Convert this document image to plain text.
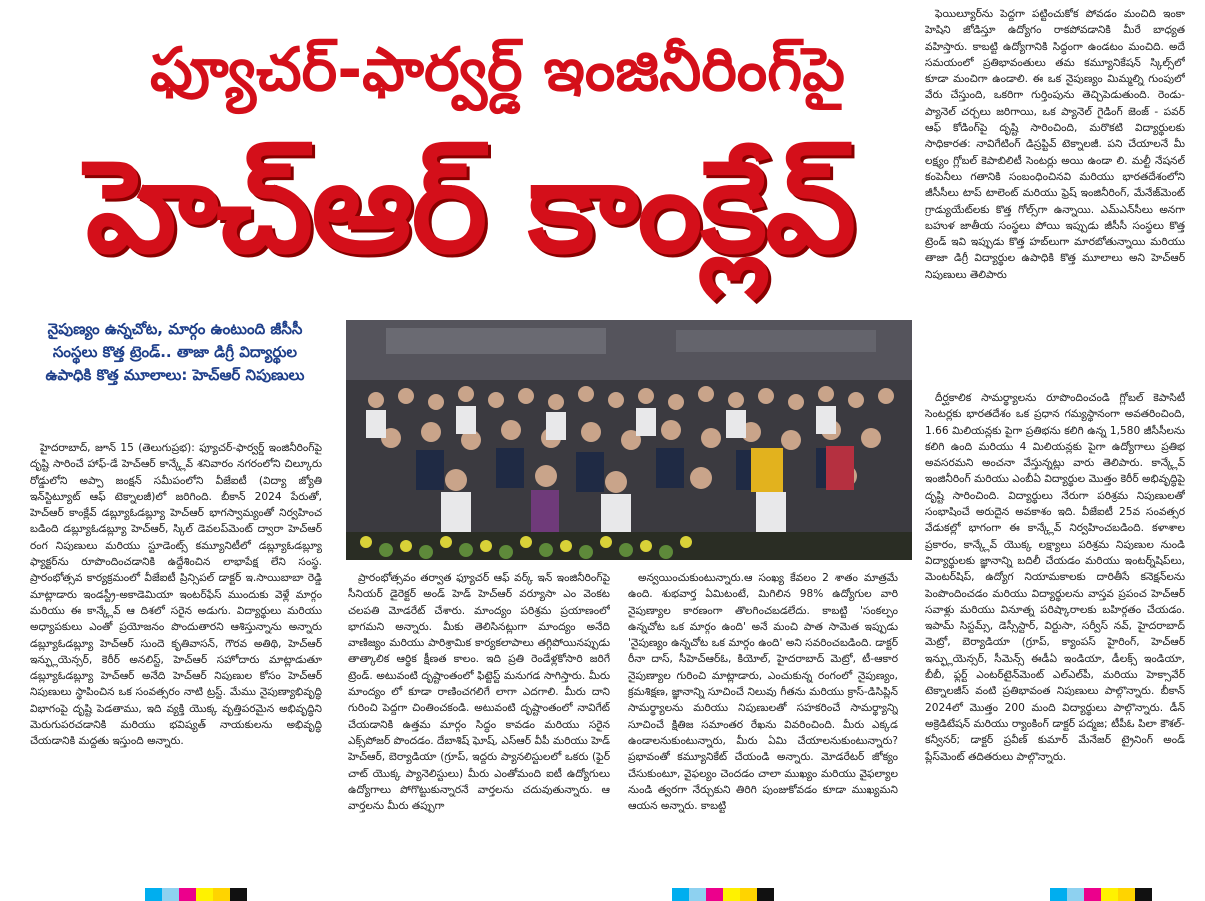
ఫ్యూచర్-ఫార్వర్డ్ ఇంజినీరింగ్‌పై
హెచ్‌ఆర్ కాంక్లేవ్
నైపుణ్యం ఉన్నచోట, మార్గం ఉంటుంది జీసీసీ సంస్థలు కొత్త ట్రెండ్.. తాజా డిగ్రీ విద్యార్థుల ఉపాధికి కొత్త మూలాలు: హెచ్‌ఆర్ నిపుణులు

హైదరాబాద్, జూన్ 15 (తెలుగుప్రభ): ఫ్యూచర్-ఫార్వర్డ్ ఇంజినీరింగ్‌పై దృష్టి సారించే హాఫ్-డే హెచ్‌ఆర్ కాన్క్లేవ్ శనివారం నగరంలోని చిల్కూరు రోడ్డులోని అప్పా జంక్షన్ సమీపంలోని వీజేఐటీ (విద్యా జ్యోతి ఇన్‌స్టిట్యూట్ ఆఫ్ టెక్నాలజీ)లో జరిగింది. బీకాన్ 2024 పేరుతో, హెచ్‌ఆర్ కాంక్లేవ్ డబ్ల్యూఓడబ్ల్యూ హెచ్‌ఆర్ భాగస్వామ్యంతో నిర్వహించ బడింది డబ్ల్యూఓడబ్ల్యూ హెచ్‌ఆర్, స్కిల్ డెవలప్‌మెంట్ ద్వారా హెచ్‌ఆర్ రంగ నిపుణులు మరియు స్టూడెంట్స్ కమ్యూనిటీలో డబ్ల్యూఓడబ్ల్యూ ఫ్యాక్టర్‌ను రూపొందించడానికి ఉద్దేశించిన లాభాపేక్ష లేని సంస్థ. ప్రారంభోత్సవ కార్యక్రమంలో వీజేఐటీ ప్రిన్సిపల్ డాక్టర్ ఇ.సాయిబాబా రెడ్డి మాట్లాడారు ఇండస్ట్రీ-అకాడెమియా ఇంటర్‌ఫేస్ ముందుకు వెళ్లే మార్గం మరియు ఈ కాన్క్లేవ్ ఆ దిశలో సరైన అడుగు. విద్యార్థులు మరియు అధ్యాపకులు ఎంతో ప్రయోజనం పొందుతారని ఆశిస్తున్నాను అన్నారు డబ్ల్యూఓడబ్ల్యూ హెచ్‌ఆర్ సుందె కృతివాసన్, గౌరవ అతిథి, హెచ్‌ఆర్ ఇన్ఫ్లుయెన్సర్, కెరీర్ అనలిస్ట్, హెచ్‌ఆర్ సహోదారు మాట్లాడుతూ డబ్ల్యూఓడబ్ల్యూ హెచ్‌ఆర్ అనేది హెచ్‌ఆర్ నిపుణుల కోసం హెచ్‌ఆర్ నిపుణులు స్థాపించిన ఒక సంవత్సరం నాటి ట్రస్ట్. మేము నైపుణ్యాభివృద్ధి విభాగంపై దృష్టి పెడతాము, ఇది వ్యక్తి యొక్క వృత్తిపరమైన అభివృద్ధిని మెరుగుపరచడానికి మరియు భవిష్యత్ నాయకులను అభివృద్ధి చేయడానికి మద్దతు ఇస్తుంది అన్నారు.

ప్రారంభోత్సవం తర్వాత ఫ్యూచర్ ఆఫ్ వర్క్ ఇన్ ఇంజినీరింగ్‌పై సీనియర్ డైరెక్టర్ అండ్ హెడ్ హెచ్‌ఆర్ వర్యూసా ఎం వెంకట చలపతి మోడరేట్ చేశారు. మాంద్యం పరిశ్రమ ప్రయాణంలో భాగమని అన్నారు. మీకు తెలిసినట్లుగా మాంద్యం అనేది వాణిజ్యం మరియు పారిశ్రామిక కార్యకలాపాలు తగ్గిపోయినప్పుడు తాత్కాలిక ఆర్థిక క్షీణత కాలం. ఇది ప్రతి రెండేళ్లకోసారి జరిగే ట్రెండ్. అటువంటి దృష్టాంతంలో ఫిట్టెస్ట్ మనుగడ సాగిస్తారు. మీరు మాంద్యం లో కూడా రాణించగలిగే లాగా ఎదగాలి. మీరు దాని గురించి పెద్దగా చింతించకండి. అటువంటి దృష్టాంతంలో నావిగేట్ చేయడానికి ఉత్తమ మార్గం సిద్ధం కావడం మరియు సరైన ఎక్స్‌పోజర్ పొందడం. దేబాశిష్ ఘోష్, ఎస్ఆర్ వీపీ మరియు హెడ్ హెచ్‌ఆర్, బెర్యాడియా (గ్రూప్, ఇద్దరు ప్యానలిస్టులలో ఒకరు (ఫైర్ చాట్ యొక్క ప్యానెలిస్టులు) మీరు ఎంతోమంది ఐటీ ఉద్యోగులు ఉద్యోగాలు పోగొట్టుకున్నారనే వార్తలను చదువుతున్నారు. ఆ వార్తలను మీరు తప్పుగా

అన్వయించుకుంటున్నారు.ఆ సంఖ్య కేవలం 2 శాతం మాత్రమే ఉంది. శుభవార్త ఏమిటంటే, మిగిలిన 98% ఉద్యోగుల వారి నైపుణ్యాల కారణంగా తొలగించబడలేదు. కాబట్టి 'సంకల్పం ఉన్నచోట ఒక మార్గం ఉంది' అనే మంచి పాత సామెత ఇప్పుడు 'నైపుణ్యం ఉన్నచోట ఒక మార్గం ఉంది' అని సవరించబడింది. డాక్టర్ రీనా దాస్, సీహెచ్‌ఆర్ఓ, కియోల్, హైదరాబాద్ మెట్రో, టీ-ఆకార నైపుణ్యాల గురించి మాట్లాడారు, ఎంచుకున్న రంగంలో నైపుణ్యం, క్రమశిక్షణ, జ్ఞానాన్ని సూచించే నిలువు గీతను మరియు క్రాస్-డిసిప్లిన్ సామర్థ్యాలను మరియు నిపుణులతో సహకరించే సామర్థ్యాన్ని సూచించే క్షితిజ సమాంతర రేఖను వివరించింది. మీరు ఎక్కడ ఉండాలనుకుంటున్నారు, మీరు ఏమి చేయాలనుకుంటున్నారు? ప్రభావంతో కమ్యూనికేట్ చేయండి అన్నారు. మోడరేటర్ జోక్యం చేసుకుంటూ, వైఫల్యం చెందడం చాలా ముఖ్యం మరియు వైఫల్యాల నుండి త్వరగా నేర్చుకుని తిరిగి పుంజుకోవడం కూడా ముఖ్యమని ఆయన అన్నారు. కాబట్టి

ఫెయిల్యూర్‌ను పెద్దగా పట్టించుకోక పోవడం మంచిది ఇంకా హెషిని జోడిస్తూ ఉద్యోగం రాకపోవడానికి మీరే బాధ్యత వహిస్తారు. కాబట్టి ఉద్యోగానికి సిద్ధంగా ఉండటం మంచిది. అదే సమయంలో ప్రతిభావంతులు తమ కమ్యూనికేషన్ స్కిల్స్‌లో కూడా మంచిగా ఉండాలి. ఈ ఒక నైపుణ్యం మిమ్మల్ని గుంపులో వేరు చేస్తుంది, ఒకరిగా గుర్తింపును తెచ్చిపెడుతుంది. రెండు-ప్యానెల్ చర్చలు జరిగాయి, ఒక ప్యానెల్ గైడింగ్ జెంజ్ - పవర్ ఆఫ్ కోడింగ్‌పై దృష్టి సారించింది, మరొకటి విద్యార్థులకు సాధికారత: నావిగేటింగ్ డిస్రప్టివ్ టెక్నాలజీ. పని చేయాలనే మీ లక్ష్యం గ్లోబల్ కెపాబిలిటీ సెంటర్లు అయి ఉండా లి. మల్టీ నేషనల్ కంపెనీలు గతానికి సంబంధించినవి మరియు భారతదేశంలోని జీసీసీలు టాప్ టాలెంట్ మరియు ఫ్రెష్ ఇంజినీరింగ్, మేనేజ్‌మెంట్ గ్రాడ్యుయేట్‌లకు కొత్త గోల్స్‌గా ఉన్నాయి. ఎమ్ఎన్‌సీలు అనగా బహుళ జాతీయ సంస్థలు పోయి ఇప్పుడు జీసీసీ సంస్థలు కొత్త ట్రెండ్ ఇవి ఇప్పుడు కొత్త హబ్‌లుగా మారబోతున్నాయి మరియు తాజా డిగ్రీ విద్యార్థుల ఉపాధికి కొత్త మూలాలు అని హెచ్‌ఆర్ నిపుణులు తెలిపారు

దీర్ఘకాలిక సామర్థ్యాలను రూపొందించండి గ్లోబల్ కెపాసిటీ సెంటర్లకు భారతదేశం ఒక ప్రధాన గమ్యస్థానంగా అవతరించింది, 1.66 మిలియన్లకు పైగా ప్రతిభను కలిగి ఉన్న 1,580 జీసీసీలను కలిగి ఉంది మరియు 4 మిలియన్లకు పైగా ఉద్యోగాలు ప్రతిభ అవసరమని అంచనా వేస్తున్నట్లు వారు తెలిపారు. కాన్క్లేవ్ ఇంజినీరింగ్ మరియు ఎంబీఏ విద్యార్థుల మొత్తం కెరీర్ అభివృద్ధిపై దృష్టి సారించింది. విద్యార్థులు నేరుగా పరిశ్రమ నిపుణులతో సంభాషించే అరుదైన అవకాశం ఇది. వీజేఐటీ 25వ సంవత్సర వేడుకల్లో భాగంగా ఈ కాన్క్లేవ్ నిర్వహించబడింది. కళాశాల ప్రకారం, కాన్క్లేవ్ యొక్క లక్ష్యాలు పరిశ్రమ నిపుణుల నుండి విద్యార్థులకు జ్ఞానాన్ని బదిలీ చేయడం మరియు ఇంటర్న్‌షిప్‌లు, మెంటర్‌షిప్, ఉద్యోగ నియామకాలకు దారితీసే కనెక్షన్‌లను పెంపొందించడం మరియు విద్యార్థులను వాస్తవ ప్రపంచ హెచ్‌ఆర్ సవాళ్లు మరియు వినూత్న పరిష్కారాలకు బహిర్గతం చేయడం. ఇపామ్ సిస్టమ్స్, డెస్సీస్టార్, విర్టుసా, సర్వీస్ నవ్, హైదరాబాద్ మెట్రో, బెర్యాడియా (గ్రూప్, క్యాంపస్ హైరింగ్, హెచ్‌ఆర్ ఇన్ఫ్లుయెన్సర్, సీమెన్స్ ఈడీఏ ఇండియా, డీలక్స్ ఇండియా, బీబీ, ఫ్లర్ట్ ఎంటర్‌టైన్‌మెంట్ ఎల్ఎల్‌పీ, మరియు హెక్సావేర్ టెక్నాలజీస్ వంటి ప్రతిభావంత నిపుణులు పాల్గొన్నారు. బీకాన్ 2024లో మొత్తం 200 మంది విద్యార్థులు పాల్గొన్నారు. డీన్ అక్రెడిటేషన్ మరియు ర్యాంకింగ్ డాక్టర్ పద్మజ; టీపీఓ పిలా కౌశల్-కన్వీనర్; డాక్టర్ ప్రవీణ్ కుమార్ మేనేజర్ ట్రైనింగ్ అండ్ ప్లేస్‌మెంట్ తదితరులు పాల్గొన్నారు.
